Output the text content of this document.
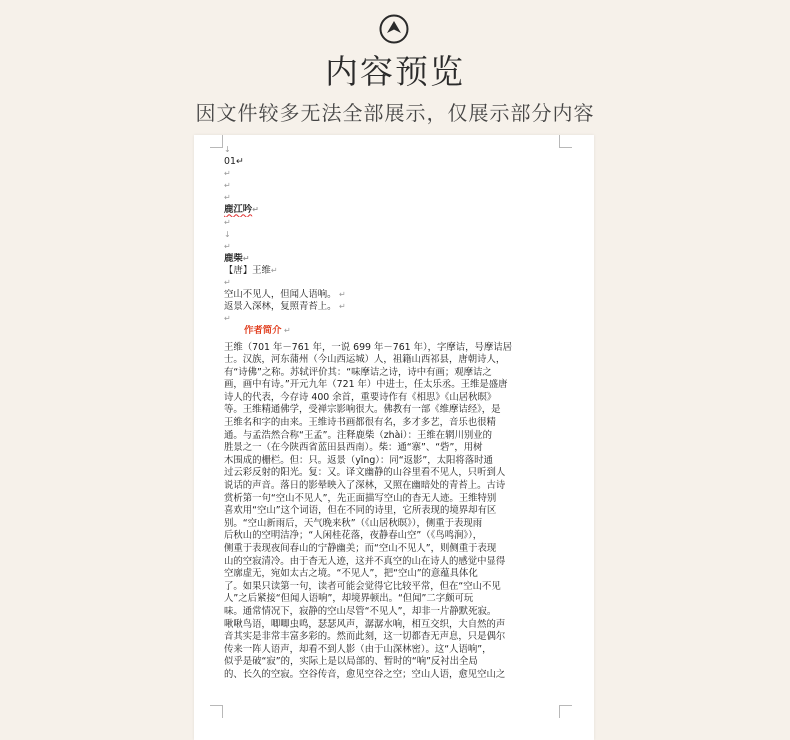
内容预览
因文件较多无法全部展示，仅展示部分内容
↓
01↵
↵
↵
↵
鹿江吟↵
↵
↓
↵
鹿柴↵
【唐】王维↵
↵
空山不见人，但闻人语响。 ↵
返景入深林，复照青苔上。 ↵
↵
作者简介 ↵
王维（701 年－761 年，一说 699 年－761 年），字摩诘，号摩诘居
士。汉族，河东蒲州（今山西运城）人，祖籍山西祁县，唐朝诗人，
有“诗佛”之称。苏轼评价其：“味摩诘之诗，诗中有画；观摩诘之
画，画中有诗。”开元九年（721 年）中进士，任太乐丞。王维是盛唐
诗人的代表，今存诗 400 余首，重要诗作有《相思》《山居秋暝》
等。王维精通佛学，受禅宗影响很大。佛教有一部《维摩诘经》，是
王维名和字的由来。王维诗书画都很有名，多才多艺，音乐也很精
通。与孟浩然合称“王孟”。注释鹿柴（zhài）：王维在辋川别业的
胜景之一（在今陕西省蓝田县西南）。柴：通“寨”、“砦”，用树
木围成的栅栏。但：只。返景（yǐng）：同“返影”，太阳将落时通
过云彩反射的阳光。复：又。译文幽静的山谷里看不见人，只听到人
说话的声音。落日的影晕映入了深林，又照在幽暗处的青苔上。古诗
赏析第一句“空山不见人”，先正面描写空山的杳无人迹。王维特别
喜欢用“空山”这个词语，但在不同的诗里，它所表现的境界却有区
别。“空山新雨后，天气晚来秋”（《山居秋暝》），侧重于表现雨
后秋山的空明洁净；“人闲桂花落，夜静春山空”（《鸟鸣涧》），
侧重于表现夜间春山的宁静幽美；而“空山不见人”，则侧重于表现
山的空寂清冷。由于杳无人迹，这并不真空的山在诗人的感觉中显得
空廓虚无，宛如太古之境。“不见人”，把“空山”的意蕴具体化
了。如果只读第一句，读者可能会觉得它比较平常，但在“空山不见
人”之后紧接“但闻人语响”，却境界顿出。“但闻”二字颇可玩
味。通常情况下，寂静的空山尽管“不见人”，却非一片静默死寂。
啾啾鸟语，唧唧虫鸣，瑟瑟风声，潺潺水响，相互交织，大自然的声
音其实是非常丰富多彩的。然而此刻，这一切都杳无声息，只是偶尔
传来一阵人语声，却看不到人影（由于山深林密）。这“人语响”，
似乎是破“寂”的，实际上是以局部的、暂时的“响”反衬出全局
的、长久的空寂。空谷传音，愈见空谷之空；空山人语，愈见空山之
